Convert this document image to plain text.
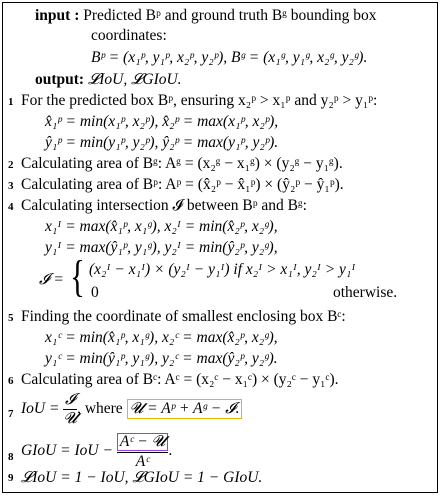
input : Predicted Bᵖ and ground truth Bᵍ bounding box
coordinates:
Bᵖ = (x₁ᵖ, y₁ᵖ, x₂ᵖ, y₂ᵖ), Bᵍ = (x₁ᵍ, y₁ᵍ, x₂ᵍ, y₂ᵍ).
output: 𝓛IoU, 𝓛GIoU.
1 For the predicted box Bᵖ, ensuring x₂ᵖ > x₁ᵖ and y₂ᵖ > y₁ᵖ:
x̂₁ᵖ = min(x₁ᵖ, x₂ᵖ), x̂₂ᵖ = max(x₁ᵖ, x₂ᵖ),
ŷ₁ᵖ = min(y₁ᵖ, y₂ᵖ), ŷ₂ᵖ = max(y₁ᵖ, y₂ᵖ).
2 Calculating area of Bᵍ: Aᵍ = (x₂ᵍ − x₁ᵍ) × (y₂ᵍ − y₁ᵍ).
3 Calculating area of Bᵖ: Aᵖ = (x̂₂ᵖ − x̂₁ᵖ) × (ŷ₂ᵖ − ŷ₁ᵖ).
4 Calculating intersection 𝓘 between Bᵖ and Bᵍ:
x₁ᴵ = max(x̂₁ᵖ, x₁ᵍ), x₂ᴵ = min(x̂₂ᵖ, x₂ᵍ),
y₁ᴵ = max(ŷ₁ᵖ, y₁ᵍ), y₂ᴵ = min(ŷ₂ᵖ, y₂ᵍ),
𝓘 = { (x₂ᴵ − x₁ᴵ) × (y₂ᴵ − y₁ᴵ) if x₂ᴵ > x₁ᴵ, y₂ᴵ > y₁ᴵ
0	otherwise.
5 Finding the coordinate of smallest enclosing box Bᶜ:
x₁ᶜ = min(x̂₁ᵖ, x₁ᵍ), x₂ᶜ = max(x̂₂ᵖ, x₂ᵍ),
y₁ᶜ = min(ŷ₁ᵖ, y₁ᵍ), y₂ᶜ = max(ŷ₂ᵖ, y₂ᵍ).
6 Calculating area of Bᶜ: Aᶜ = (x₂ᶜ − x₁ᶜ) × (y₂ᶜ − y₁ᶜ).
7 IoU =
$\frac{\text{𝓘}}{\text{𝓤}}$ , where
𝓤 = Aᵖ + Aᵍ − 𝓘.
8 GIoU = IoU −
$\frac{\text{Aᶜ − 𝓤}}{\text{Aᶜ}}$ .
9 𝓛IoU = 1 − IoU, 𝓛GIoU = 1 − GIoU.
